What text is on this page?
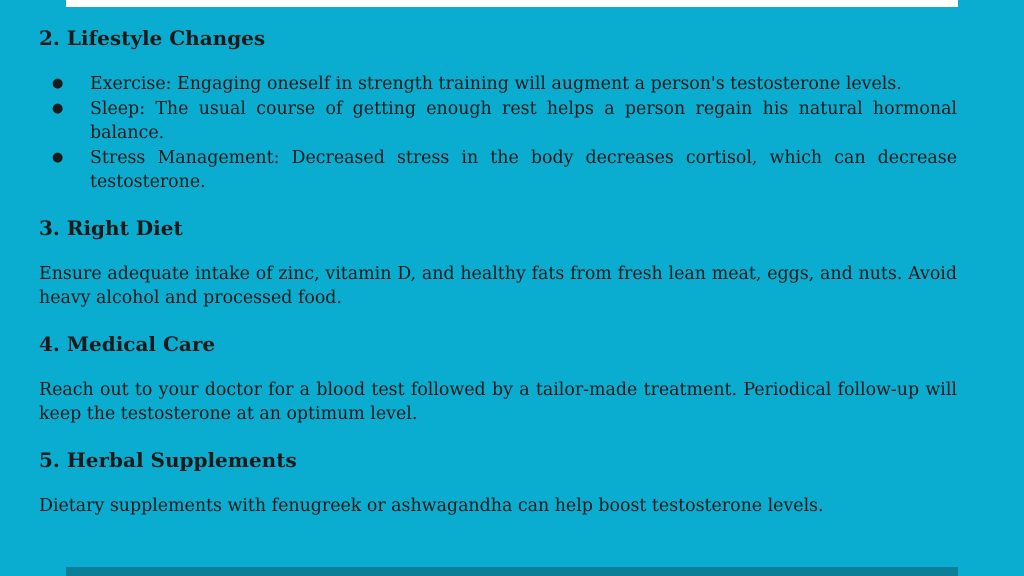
2. Lifestyle Changes
● Exercise: Engaging oneself in strength training will augment a person's testosterone levels.
● Sleep: The usual course of getting enough rest helps a person regain his natural hormonal balance.
● Stress Management: Decreased stress in the body decreases cortisol, which can decrease testosterone.
3. Right Diet

Ensure adequate intake of zinc, vitamin D, and healthy fats from fresh lean meat, eggs, and nuts. Avoid heavy alcohol and processed food.

4. Medical Care

Reach out to your doctor for a blood test followed by a tailor-made treatment. Periodical follow-up will keep the testosterone at an optimum level.

5. Herbal Supplements

Dietary supplements with fenugreek or ashwagandha can help boost testosterone levels.
